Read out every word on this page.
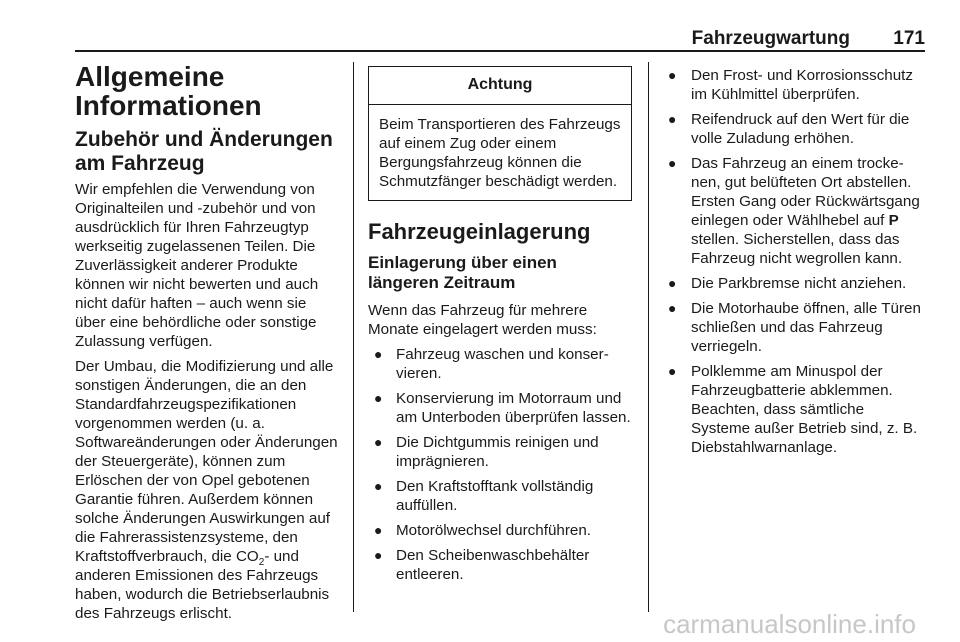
Fahrzeugwartung 171
Allgemeine Informationen
Zubehör und Änderungen am Fahrzeug

Wir empfehlen die Verwendung von Originalteilen und -zubehör und von ausdrücklich für Ihren Fahrzeugtyp werkseitig zugelassenen Teilen. Die Zuverlässigkeit anderer Produkte können wir nicht bewerten und auch nicht dafür haften – auch wenn sie über eine behördliche oder sonstige Zulassung verfügen.

Der Umbau, die Modifizierung und alle sonstigen Änderungen, die an den Standardfahrzeugspezifikationen vorgenommen werden (u. a. Softwareänderungen oder Änderungen der Steuergeräte), können zum Erlöschen der von Opel gebotenen Garantie führen. Außerdem können solche Änderungen Auswirkungen auf die Fahrerassistenzsysteme, den Kraftstoffverbrauch, die $CO_2-$ und anderen Emissionen des Fahrzeugs haben, wodurch die Betriebserlaubnis des Fahrzeugs erlischt.

Achtung
Beim Transportieren des Fahrzeugs auf einem Zug oder einem Bergungsfahrzeug können die Schmutzfänger beschädigt werden.
Fahrzeugeinlagerung
Einlagerung über einen längeren Zeitraum

Wenn das Fahrzeug für mehrere Monate eingelagert werden muss:

● Fahrzeug waschen und konservieren.
● Konservierung im Motorraum und am Unterboden überprüfen lassen.
● Die Dichtgummis reinigen und imprägnieren.
● Den Kraftstofftank vollständig auffüllen.
● Motorölwechsel durchführen.
● Den Scheibenwaschbehälter entleeren.
● Den Frost- und Korrosionsschutz im Kühlmittel überprüfen.
● Reifendruck auf den Wert für die volle Zuladung erhöhen.
● Das Fahrzeug an einem trockenen, gut belüfteten Ort abstellen. Ersten Gang oder Rückwärtsgang einlegen oder Wählhebel auf P stellen. Sicherstellen, dass das Fahrzeug nicht wegrollen kann.
● Die Parkbremse nicht anziehen.
● Die Motorhaube öffnen, alle Türen schließen und das Fahrzeug verriegeln.
● Polklemme am Minuspol der Fahrzeugbatterie abklemmen. Beachten, dass sämtliche Systeme außer Betrieb sind, z. B. Diebstahlwarnanlage.
carmanualsonline.info
